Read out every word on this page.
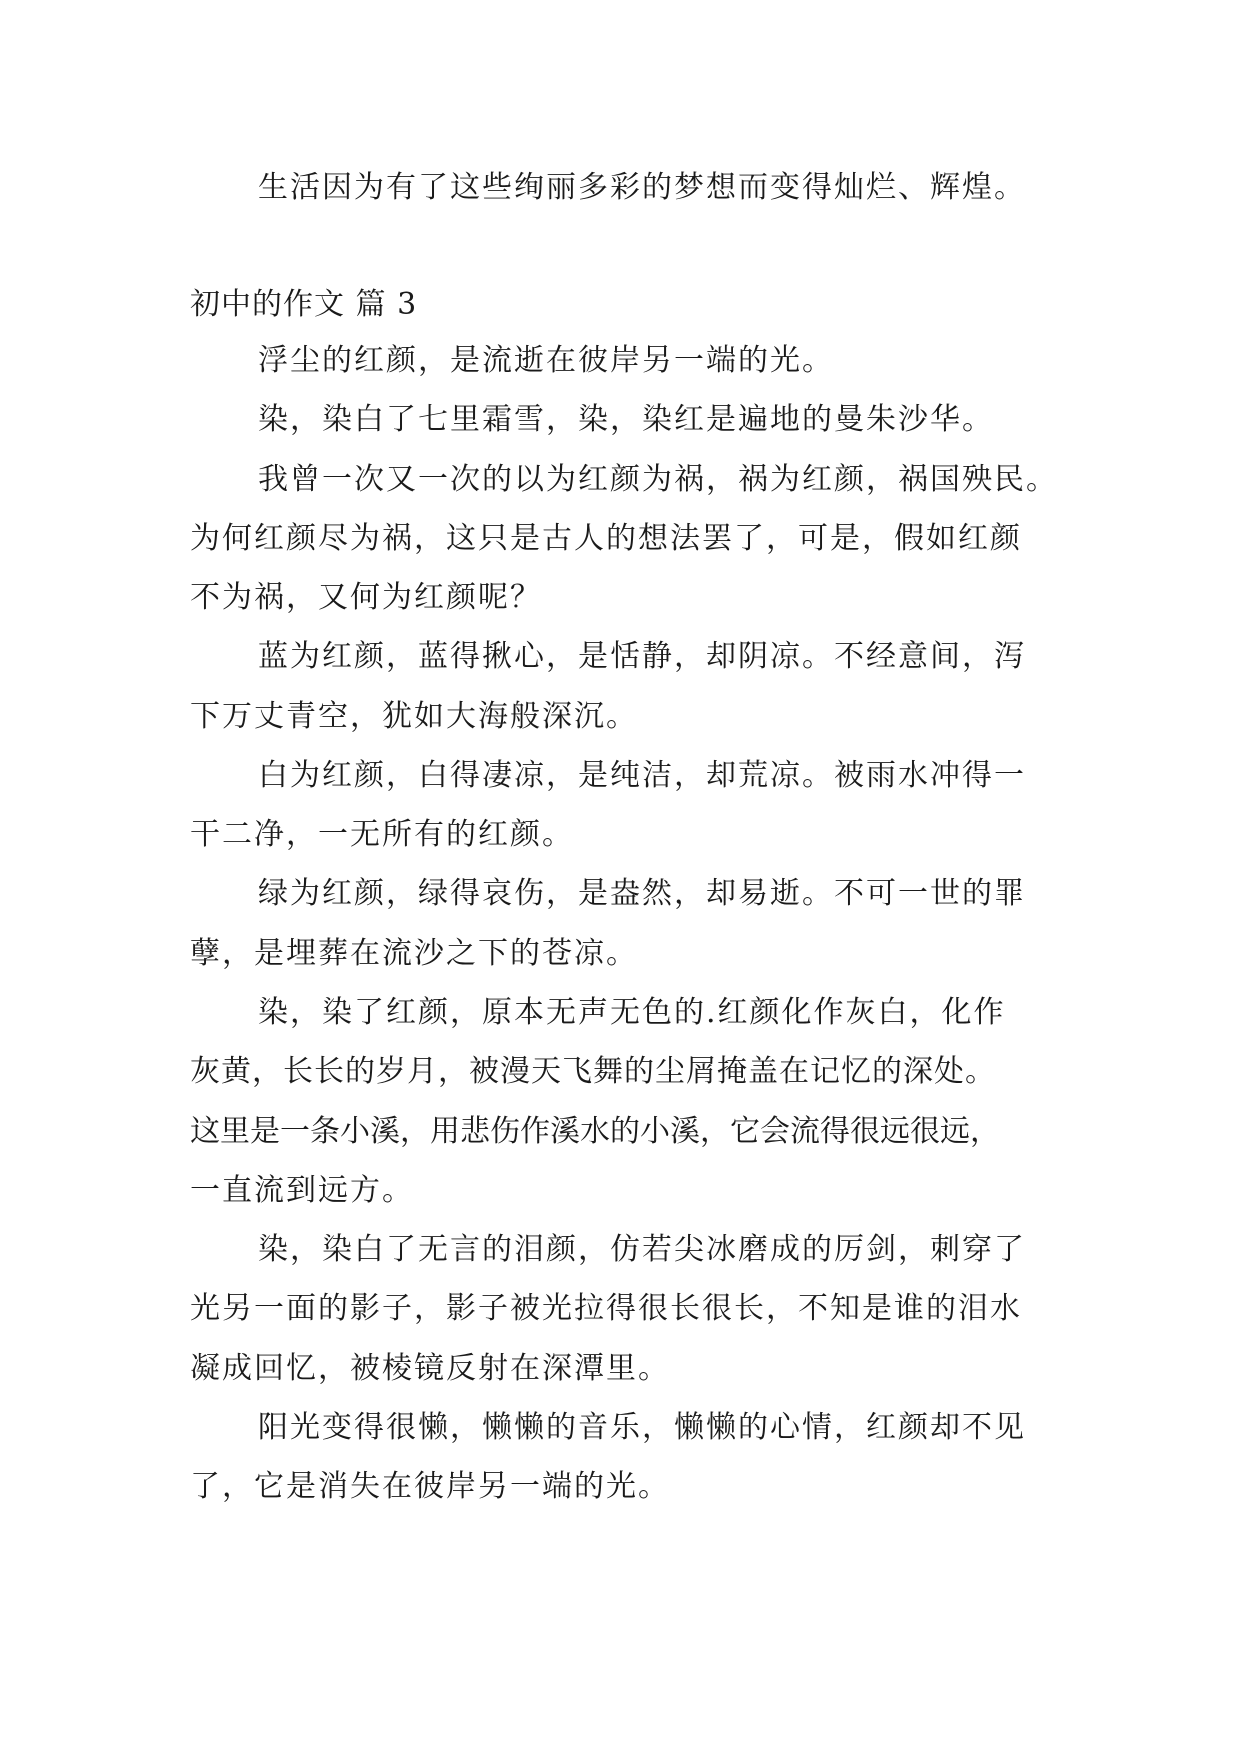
生活因为有了这些绚丽多彩的梦想而变得灿烂、辉煌。
初中的作文 篇 3
浮尘的红颜，是流逝在彼岸另一端的光。
染，染白了七里霜雪，染，染红是遍地的曼朱沙华。
我曾一次又一次的以为红颜为祸，祸为红颜，祸国殃民。
为何红颜尽为祸，这只是古人的想法罢了，可是，假如红颜
不为祸，又何为红颜呢？
蓝为红颜，蓝得揪心，是恬静，却阴凉。不经意间，泻
下万丈青空，犹如大海般深沉。
白为红颜，白得凄凉，是纯洁，却荒凉。被雨水冲得一
干二净，一无所有的红颜。
绿为红颜，绿得哀伤，是盎然，却易逝。不可一世的罪
孽，是埋葬在流沙之下的苍凉。
染，染了红颜，原本无声无色的.红颜化作灰白，化作
灰黄，长长的岁月，被漫天飞舞的尘屑掩盖在记忆的深处。
这里是一条小溪，用悲伤作溪水的小溪，它会流得很远很远，
一直流到远方。
染，染白了无言的泪颜，仿若尖冰磨成的厉剑，刺穿了
光另一面的影子，影子被光拉得很长很长，不知是谁的泪水
凝成回忆，被棱镜反射在深潭里。
阳光变得很懒，懒懒的音乐，懒懒的心情，红颜却不见
了，它是消失在彼岸另一端的光。
